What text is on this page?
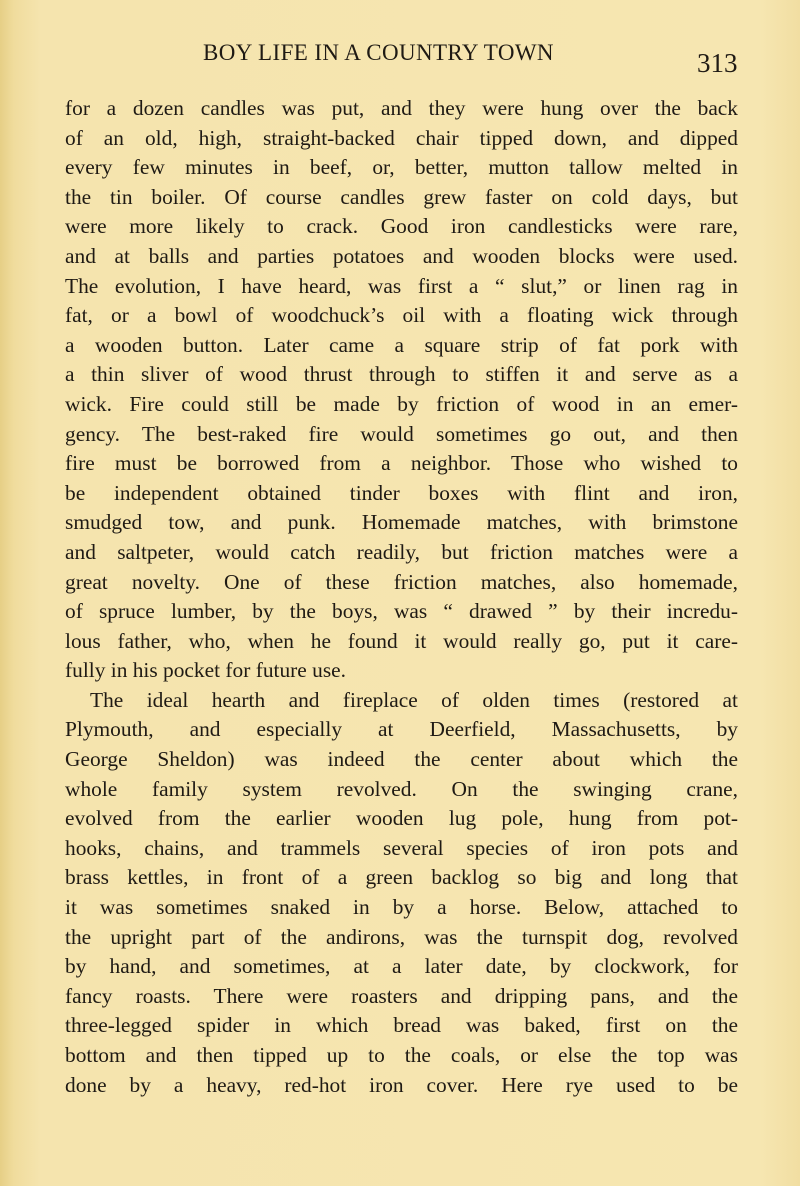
BOY LIFE IN A COUNTRY TOWN	313
for a dozen candles was put, and they were hung over the back
of an old, high, straight-backed chair tipped down, and dipped
every few minutes in beef, or, better, mutton tallow melted in
the tin boiler. Of course candles grew faster on cold days, but
were more likely to crack. Good iron candlesticks were rare,
and at balls and parties potatoes and wooden blocks were used.
The evolution, I have heard, was first a “ slut,” or linen rag in
fat, or a bowl of woodchuck’s oil with a floating wick through
a wooden button. Later came a square strip of fat pork with
a thin sliver of wood thrust through to stiffen it and serve as a
wick. Fire could still be made by friction of wood in an emer-
gency. The best-raked fire would sometimes go out, and then
fire must be borrowed from a neighbor. Those who wished to
be independent obtained tinder boxes with flint and iron,
smudged tow, and punk. Homemade matches, with brimstone
and saltpeter, would catch readily, but friction matches were a
great novelty. One of these friction matches, also homemade,
of spruce lumber, by the boys, was “ drawed ” by their incredu-
lous father, who, when he found it would really go, put it care-
fully in his pocket for future use.
The ideal hearth and fireplace of olden times (restored at
Plymouth, and especially at Deerfield, Massachusetts, by
George Sheldon) was indeed the center about which the
whole family system revolved. On the swinging crane,
evolved from the earlier wooden lug pole, hung from pot-
hooks, chains, and trammels several species of iron pots and
brass kettles, in front of a green backlog so big and long that
it was sometimes snaked in by a horse. Below, attached to
the upright part of the andirons, was the turnspit dog, revolved
by hand, and sometimes, at a later date, by clockwork, for
fancy roasts. There were roasters and dripping pans, and the
three-legged spider in which bread was baked, first on the
bottom and then tipped up to the coals, or else the top was
done by a heavy, red-hot iron cover. Here rye used to be
